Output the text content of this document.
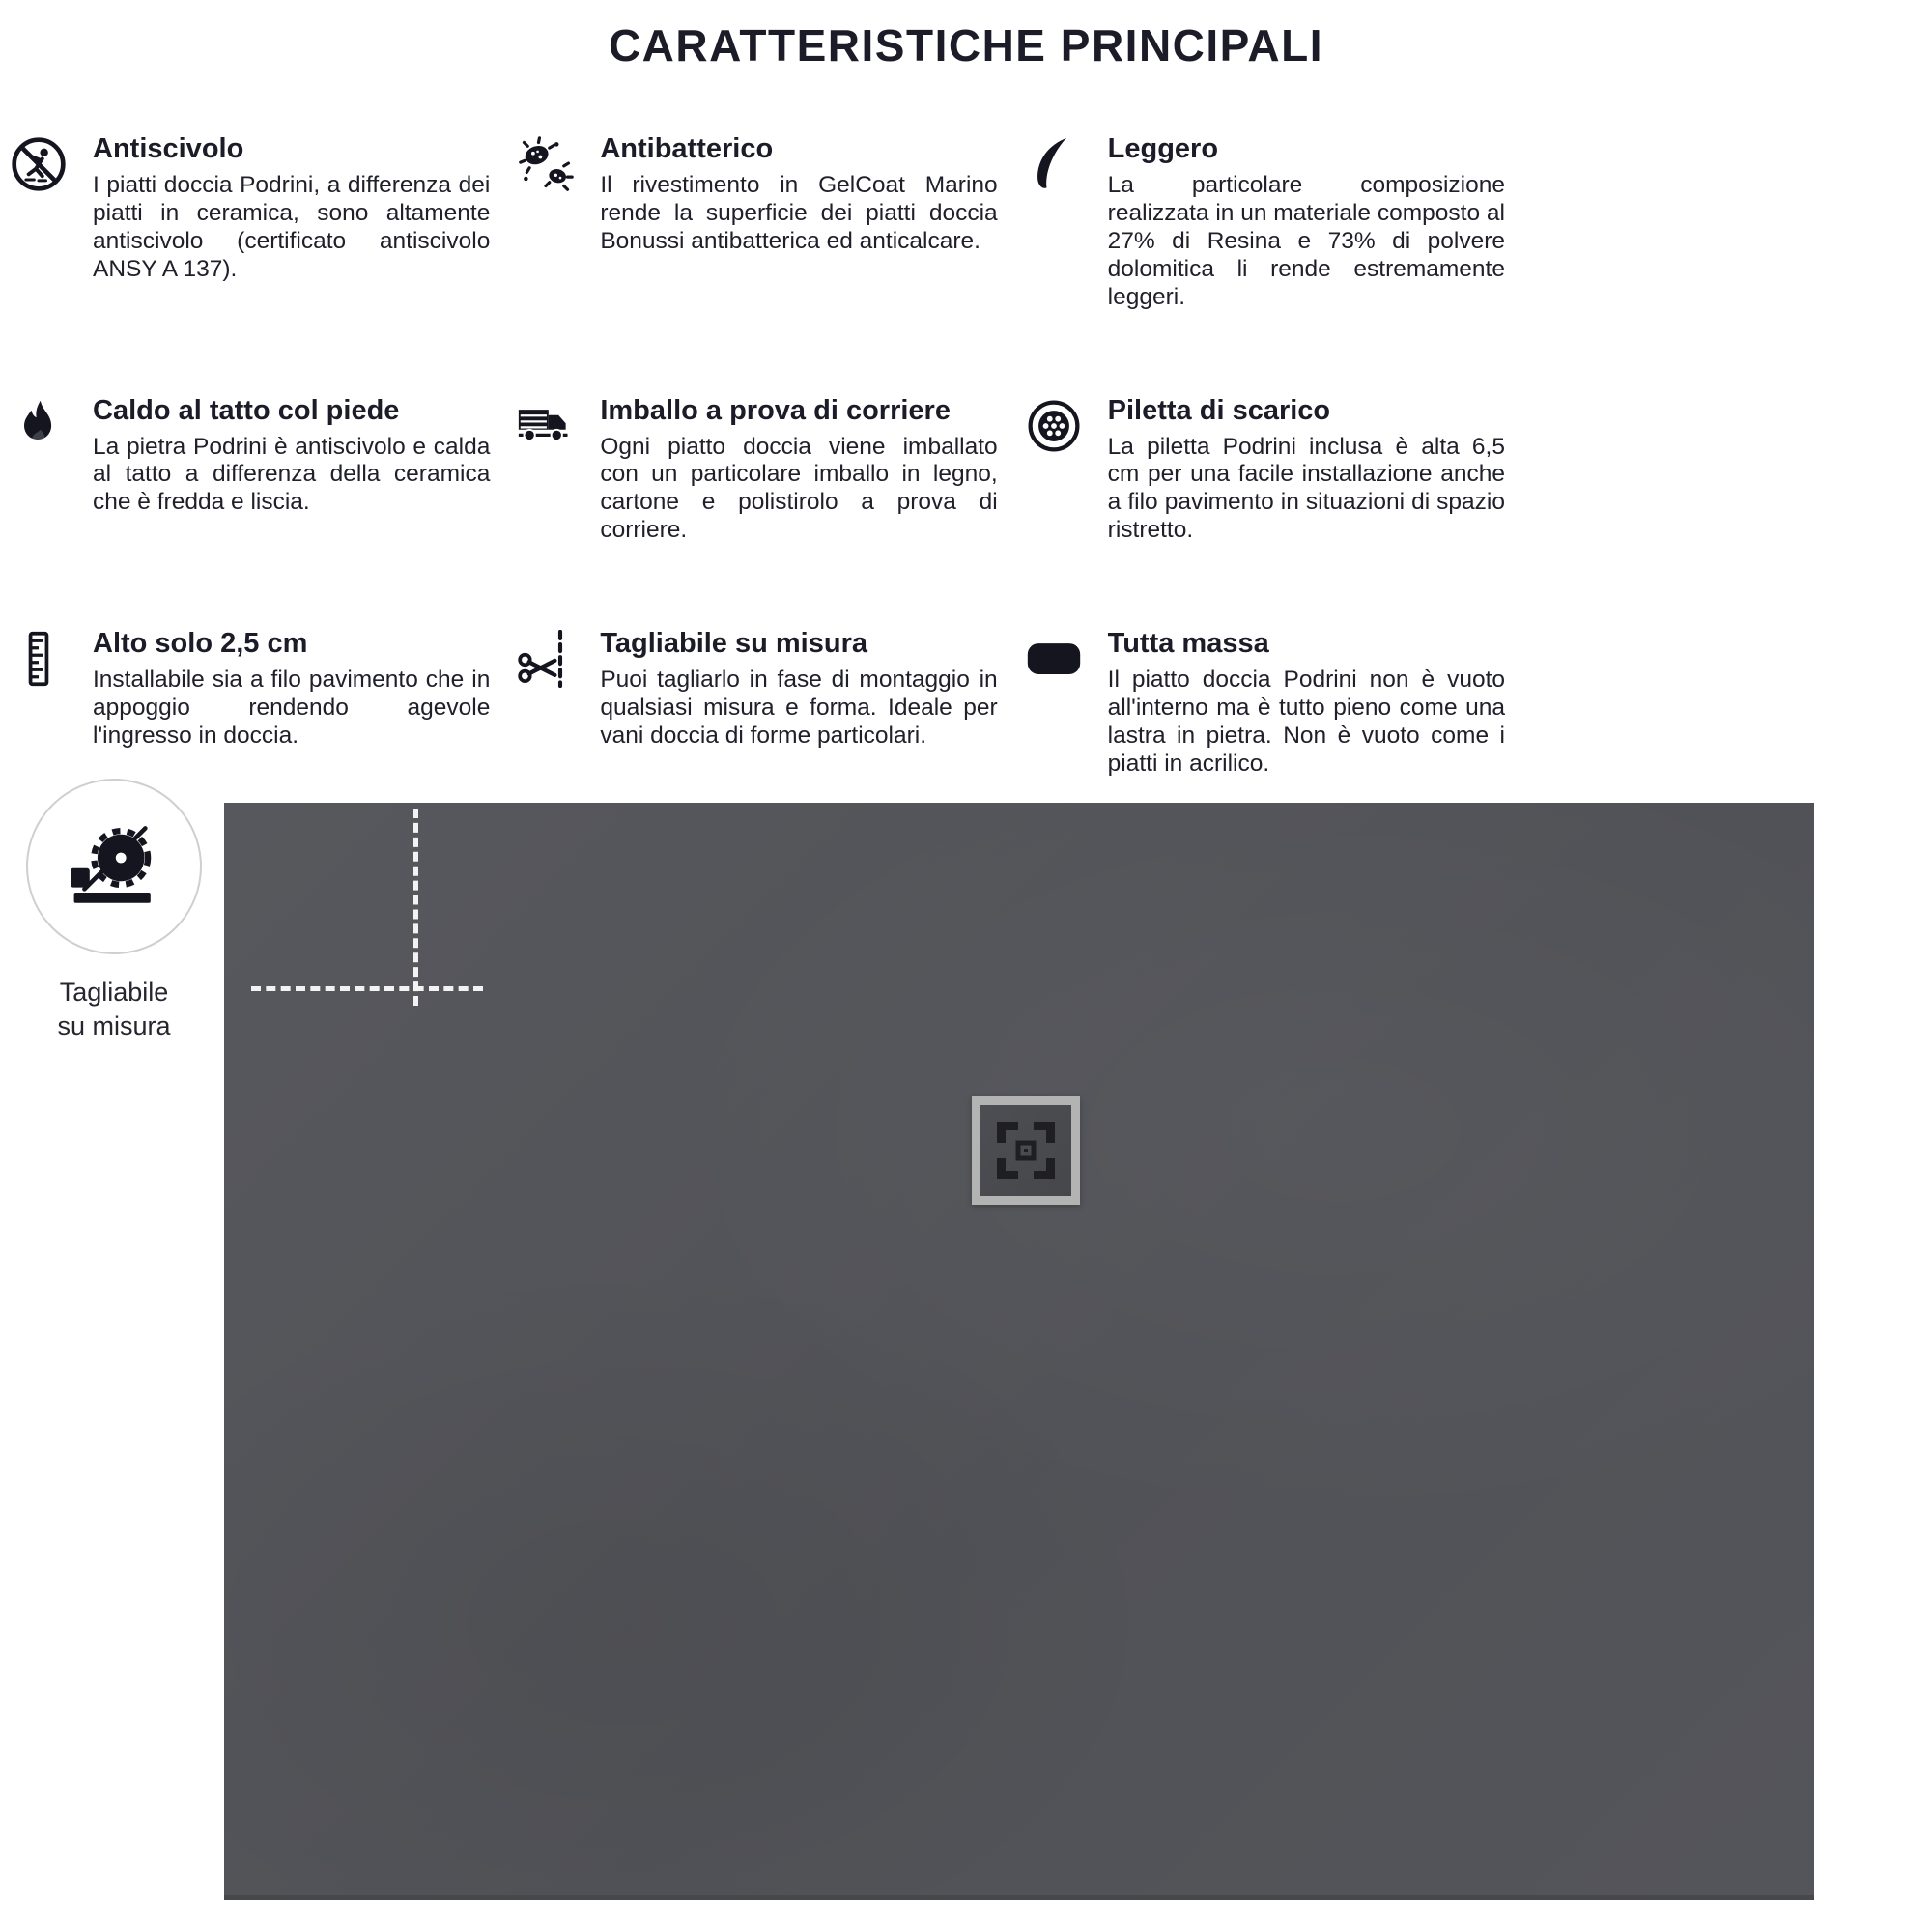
CARATTERISTICHE PRINCIPALI
Antiscivolo

I piatti doccia Podrini, a differenza dei piatti in ceramica, sono altamente antiscivolo (certificato antiscivolo ANSY A 137).

Antibatterico

Il rivestimento in GelCoat Marino rende la superficie dei piatti doccia Bonussi antibatterica ed anticalcare.

Leggero

La particolare composizione realizzata in un materiale composto al 27% di Resina e 73% di polvere dolomitica li rende estremamente leggeri.

Caldo al tatto col piede

La pietra Podrini è antiscivolo e calda al tatto a differenza della ceramica che è fredda e liscia.

Imballo a prova di corriere

Ogni piatto doccia viene imballato con un particolare imballo in legno, cartone e polistirolo a prova di corriere.

Piletta di scarico

La piletta Podrini inclusa è alta 6,5 cm per una facile installazione anche a filo pavimento in situazioni di spazio ristretto.

Alto solo 2,5 cm

Installabile sia a filo pavimento che in appoggio rendendo agevole l'ingresso in doccia.

Tagliabile su misura

Puoi tagliarlo in fase di montaggio in qualsiasi misura e forma. Ideale per vani doccia di forme particolari.

Tutta massa

Il piatto doccia Podrini non è vuoto all'interno ma è tutto pieno come una lastra in pietra. Non è vuoto come i piatti in acrilico.

Tagliabile
su misura
